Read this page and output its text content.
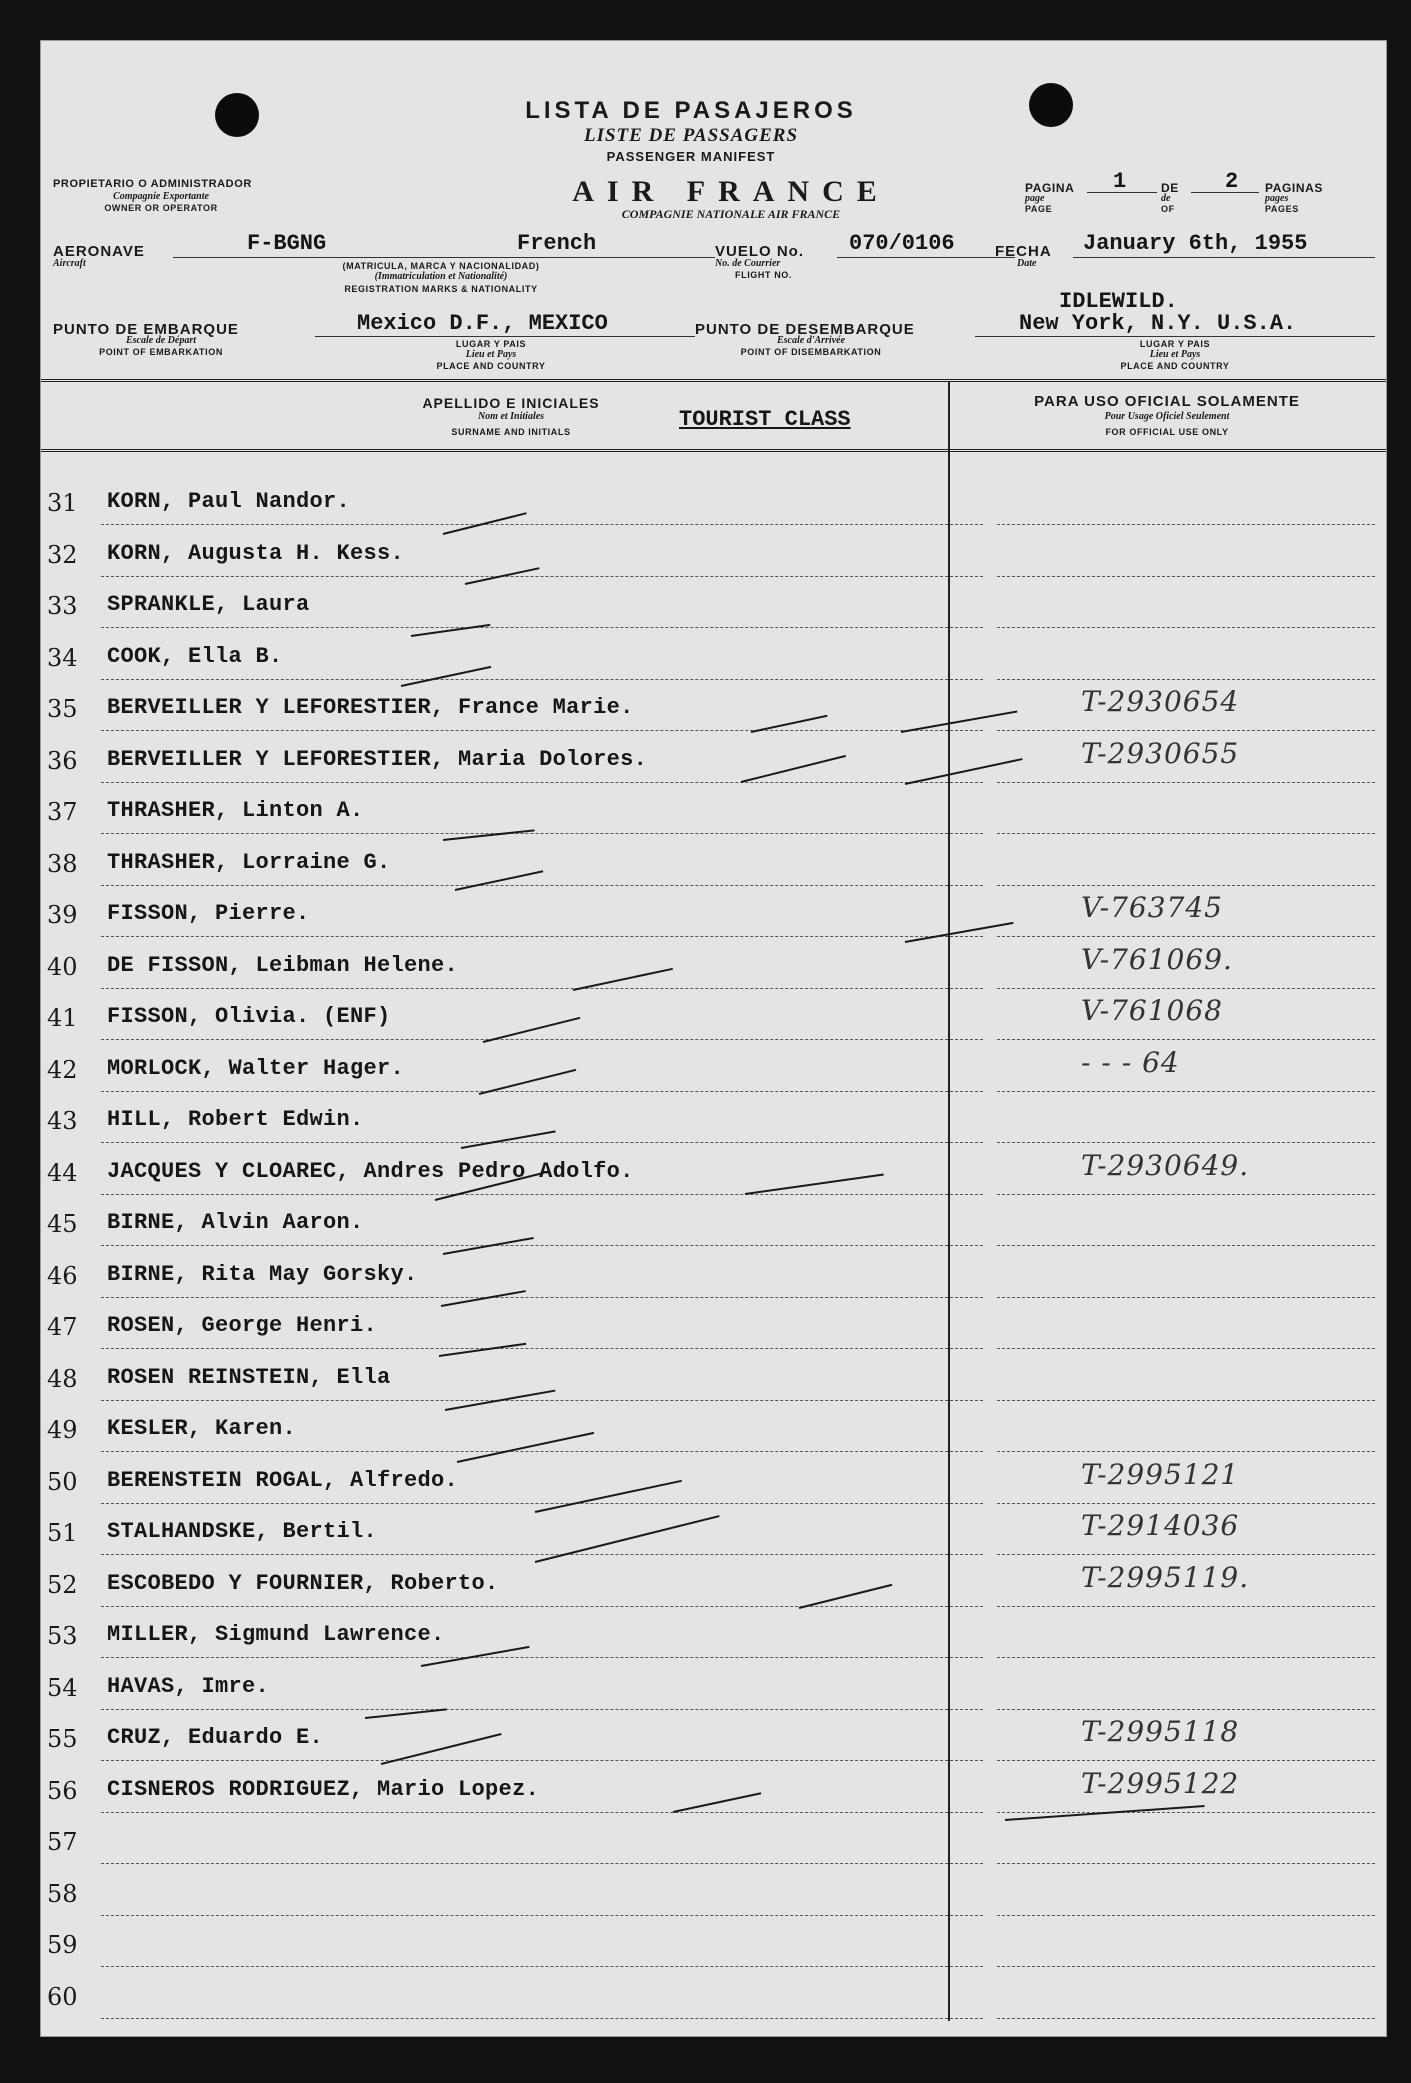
LISTA DE PASAJEROS
LISTE DE PASSAGERS
PASSENGER MANIFEST
PROPIETARIO O ADMINISTRADOR
Compagnie Exportante
OWNER OR OPERATOR	AIR FRANCE
COMPAGNIE NATIONALE AIR FRANCE
PAGINA
page
PAGE
1	DE
de
OF
2 PAGINAS
pages
PAGES
AERONAVE
Aircraft
F-BGNG	French
(MATRICULA, MARCA Y NACIONALIDAD)
(Immatriculation et Nationalité)
REGISTRATION MARKS & NATIONALITY
VUELO No.
No. de Courrier
FLIGHT NO.
070/0106	FECHA
Date
January 6th, 1955
PUNTO DE EMBARQUE
Escale de Départ
POINT OF EMBARKATION
Mexico D.F., MEXICO
LUGAR Y PAIS
Lieu et Pays
PLACE AND COUNTRY
PUNTO DE DESEMBARQUE
Escale d'Arrivée
POINT OF DISEMBARKATION
IDLEWILD.
New York, N.Y. U.S.A.
LUGAR Y PAIS
Lieu et Pays
PLACE AND COUNTRY
APELLIDO E INICIALES
Nom et Initiales
SURNAME AND INITIALS	TOURIST CLASS
PARA USO OFICIAL SOLAMENTE
Pour Usage Oficiel Seulement
FOR OFFICIAL USE ONLY
31 KORN, Paul Nandor.
32 KORN, Augusta H. Kess.
33 SPRANKLE, Laura
34 COOK, Ella B.
35 BERVEILLER Y LEFORESTIER, France Marie.	T-2930654
36 BERVEILLER Y LEFORESTIER, Maria Dolores.	T-2930655
37 THRASHER, Linton A.
38 THRASHER, Lorraine G.
39 FISSON, Pierre.	V-763745
40 DE FISSON, Leibman Helene.	V-761069.
41 FISSON, Olivia. (ENF)	V-761068
42 MORLOCK, Walter Hager.	- - - 64
43 HILL, Robert Edwin.
44 JACQUES Y CLOAREC, Andres Pedro Adolfo.	T-2930649.
45 BIRNE, Alvin Aaron.
46 BIRNE, Rita May Gorsky.
47 ROSEN, George Henri.
48 ROSEN REINSTEIN, Ella
49 KESLER, Karen.
50 BERENSTEIN ROGAL, Alfredo.	T-2995121
51 STALHANDSKE, Bertil.	T-2914036
52 ESCOBEDO Y FOURNIER, Roberto.	T-2995119.
53 MILLER, Sigmund Lawrence.
54 HAVAS, Imre.
55 CRUZ, Eduardo E.	T-2995118
56 CISNEROS RODRIGUEZ, Mario Lopez.	T-2995122
57
58
59
60
